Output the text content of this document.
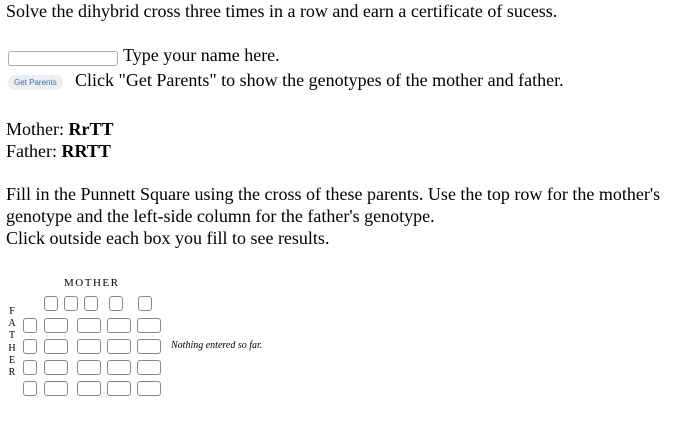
Solve the dihybrid cross three times in a row and earn a certificate of sucess.
Type your name here.
Get Parents	Click "Get Parents" to show the genotypes of the mother and father.
Mother: RrTT
Father: RRTT
Fill in the Punnett Square using the cross of these parents. Use the top row for the mother's genotype and the left-side column for the father's genotype.
Click outside each box you fill to see results.
MOTHER
F
A
T
H
E
R
Nothing entered so far.
